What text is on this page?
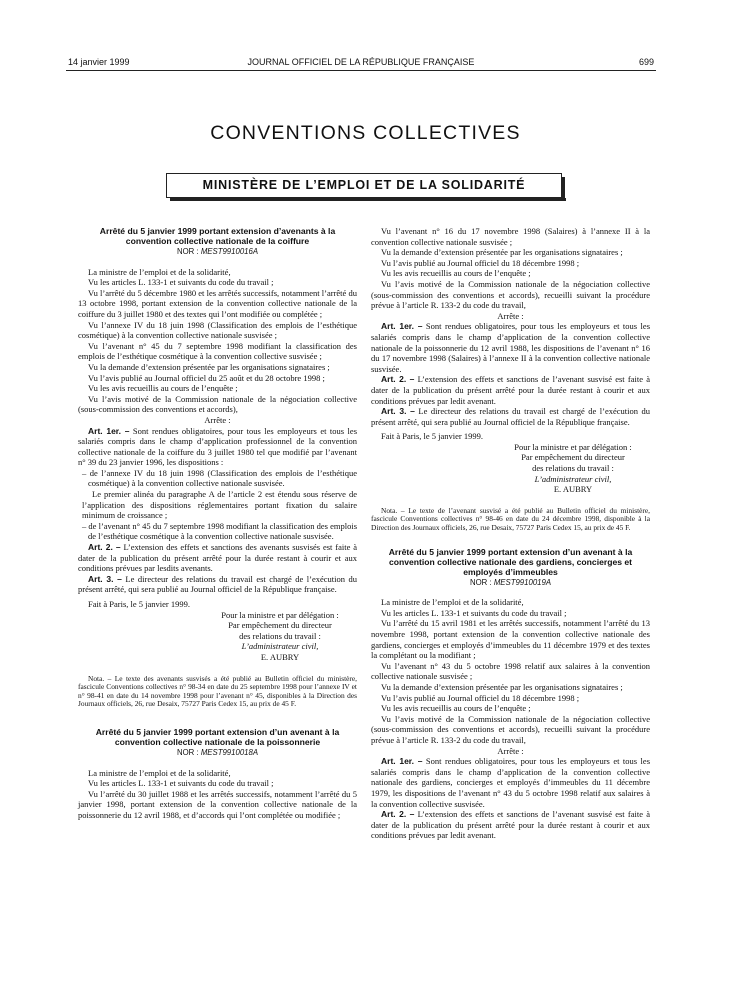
14 janvier 1999	JOURNAL OFFICIEL DE LA RÉPUBLIQUE FRANÇAISE	699
CONVENTIONS COLLECTIVES
MINISTÈRE DE L’EMPLOI ET DE LA SOLIDARITÉ
Arrêté du 5 janvier 1999 portant extension d’avenants à la convention collective nationale de la coiffure
NOR : MEST9910016A

La ministre de l’emploi et de la solidarité,

Vu les articles L. 133-1 et suivants du code du travail ;

Vu l’arrêté du 5 décembre 1980 et les arrêtés successifs, notamment l’arrêté du 13 octobre 1998, portant extension de la convention collective nationale de la coiffure du 3 juillet 1980 et des textes qui l’ont modifiée ou complétée ;

Vu l’annexe IV du 18 juin 1998 (Classification des emplois de l’esthétique cosmétique) à la convention collective nationale susvisée ;

Vu l’avenant n° 45 du 7 septembre 1998 modifiant la classification des emplois de l’esthétique cosmétique à la convention collective susvisée ;

Vu la demande d’extension présentée par les organisations signataires ;

Vu l’avis publié au Journal officiel du 25 août et du 28 octobre 1998 ;

Vu les avis recueillis au cours de l’enquête ;

Vu l’avis motivé de la Commission nationale de la négociation collective (sous-commission des conventions et accords),

Arrête :

Art. 1er. – Sont rendues obligatoires, pour tous les employeurs et tous les salariés compris dans le champ d’application professionnel de la convention collective nationale de la coiffure du 3 juillet 1980 tel que modifié par l’avenant n° 39 du 23 janvier 1996, les dispositions :

– de l’annexe IV du 18 juin 1998 (Classification des emplois de l’esthétique cosmétique) à la convention collective nationale susvisée.

Le premier alinéa du paragraphe A de l’article 2 est étendu sous réserve de l’application des dispositions réglementaires portant fixation du salaire minimum de croissance ;

– de l’avenant n° 45 du 7 septembre 1998 modifiant la classification des emplois de l’esthétique cosmétique à la convention collective nationale susvisée.

Art. 2. – L’extension des effets et sanctions des avenants susvisés est faite à dater de la publication du présent arrêté pour la durée restant à courir et aux conditions prévues par lesdits avenants.

Art. 3. – Le directeur des relations du travail est chargé de l’exécution du présent arrêté, qui sera publié au Journal officiel de la République française.

Fait à Paris, le 5 janvier 1999.

Pour la ministre et par délégation :
Par empêchement du directeur
des relations du travail :
L’administrateur civil,
E. AUBRY

Nota. – Le texte des avenants susvisés a été publié au Bulletin officiel du ministère, fascicule Conventions collectives n° 98-34 en date du 25 septembre 1998 pour l’annexe IV et n° 98-41 en date du 14 novembre 1998 pour l’avenant n° 45, disponibles à la Direction des Journaux officiels, 26, rue Desaix, 75727 Paris Cedex 15, au prix de 45 F.

Arrêté du 5 janvier 1999 portant extension d’un avenant à la convention collective nationale de la poissonnerie
NOR : MEST9910018A

La ministre de l’emploi et de la solidarité,

Vu les articles L. 133-1 et suivants du code du travail ;

Vu l’arrêté du 30 juillet 1988 et les arrêtés successifs, notamment l’arrêté du 5 janvier 1998, portant extension de la convention collective nationale de la poissonnerie du 12 avril 1988, et d’accords qui l’ont complétée ou modifiée ;

Vu l’avenant n° 16 du 17 novembre 1998 (Salaires) à l’annexe II à la convention collective nationale susvisée ;

Vu la demande d’extension présentée par les organisations signataires ;

Vu l’avis publié au Journal officiel du 18 décembre 1998 ;

Vu les avis recueillis au cours de l’enquête ;

Vu l’avis motivé de la Commission nationale de la négociation collective (sous-commission des conventions et accords), recueilli suivant la procédure prévue à l’article R. 133-2 du code du travail,

Arrête :

Art. 1er. – Sont rendues obligatoires, pour tous les employeurs et tous les salariés compris dans le champ d’application de la convention collective nationale de la poissonnerie du 12 avril 1988, les dispositions de l’avenant n° 16 du 17 novembre 1998 (Salaires) à l’annexe II à la convention collective nationale susvisée.

Art. 2. – L’extension des effets et sanctions de l’avenant susvisé est faite à dater de la publication du présent arrêté pour la durée restant à courir et aux conditions prévues par ledit avenant.

Art. 3. – Le directeur des relations du travail est chargé de l’exécution du présent arrêté, qui sera publié au Journal officiel de la République française.

Fait à Paris, le 5 janvier 1999.

Pour la ministre et par délégation :
Par empêchement du directeur
des relations du travail :
L’administrateur civil,
E. AUBRY

Nota. – Le texte de l’avenant susvisé a été publié au Bulletin officiel du ministère, fascicule Conventions collectives n° 98-46 en date du 24 décembre 1998, disponible à la Direction des Journaux officiels, 26, rue Desaix, 75727 Paris Cedex 15, au prix de 45 F.

Arrêté du 5 janvier 1999 portant extension d’un avenant à la convention collective nationale des gardiens, concierges et employés d’immeubles
NOR : MEST9910019A

La ministre de l’emploi et de la solidarité,

Vu les articles L. 133-1 et suivants du code du travail ;

Vu l’arrêté du 15 avril 1981 et les arrêtés successifs, notamment l’arrêté du 13 novembre 1998, portant extension de la convention collective nationale des gardiens, concierges et employés d’immeubles du 11 décembre 1979 et des textes la complétant ou la modifiant ;

Vu l’avenant n° 43 du 5 octobre 1998 relatif aux salaires à la convention collective nationale susvisée ;

Vu la demande d’extension présentée par les organisations signataires ;

Vu l’avis publié au Journal officiel du 18 décembre 1998 ;

Vu les avis recueillis au cours de l’enquête ;

Vu l’avis motivé de la Commission nationale de la négociation collective (sous-commission des conventions et accords), recueilli suivant la procédure prévue à l’article R. 133-2 du code du travail,

Arrête :

Art. 1er. – Sont rendues obligatoires, pour tous les employeurs et tous les salariés compris dans le champ d’application de la convention collective nationale des gardiens, concierges et employés d’immeubles du 11 décembre 1979, les dispositions de l’avenant n° 43 du 5 octobre 1998 relatif aux salaires à la convention collective susvisée.

Art. 2. – L’extension des effets et sanctions de l’avenant susvisé est faite à dater de la publication du présent arrêté pour la durée restant à courir et aux conditions prévues par ledit avenant.
